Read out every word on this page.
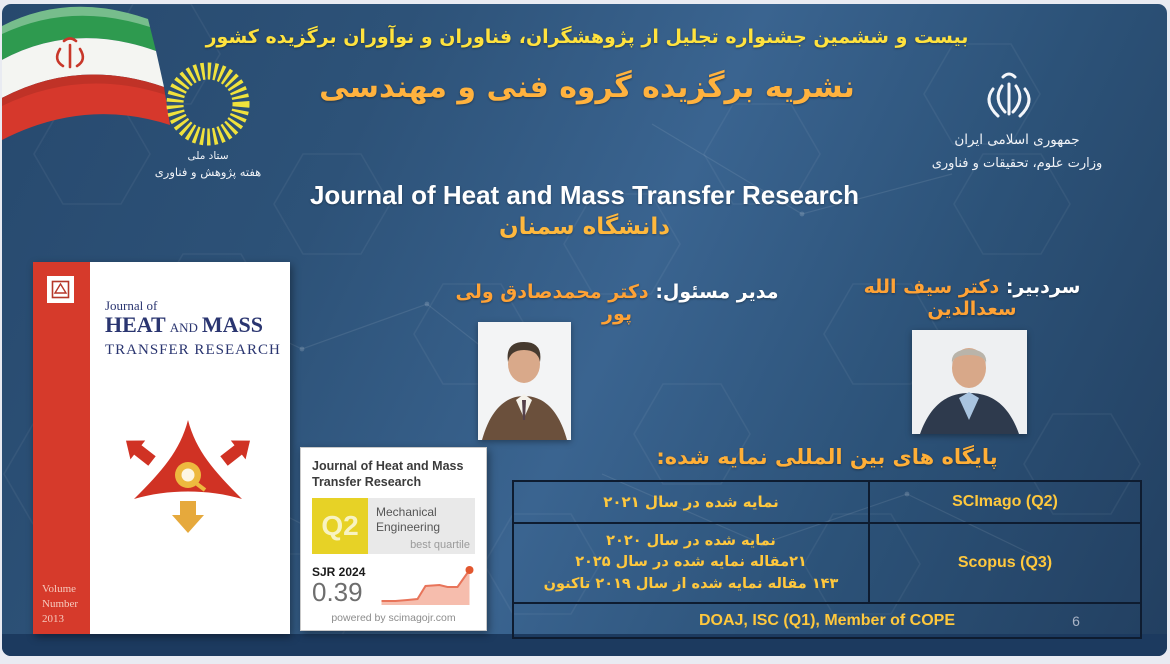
ستاد ملی
هفته پژوهش و فناوری
بیست و ششمین جشنواره تجلیل از پژوهشگران، فناوران و نوآوران برگزیده کشور
نشریه برگزیده گروه فنی و مهندسی
جمهوری اسلامی ایران
وزارت علوم، تحقیقات و فناوری
Journal of Heat and Mass Transfer Research
دانشگاه سمنان
سردبیر: دکتر سیف الله سعدالدین
مدیر مسئول: دکتر محمدصادق ولی پور
Volume
Number
2013
Journal of
HEAT AND MASS
TRANSFER RESEARCH
Journal of Heat and Mass
Transfer Research
Q2	Mechanical
Engineering
best quartile
SJR 2024
0.39
powered by scimagojr.com
پایگاه های بین المللی نمایه شده:
نمایه شده در سال ۲۰۲۱	SCImago (Q2)

نمایه شده در سال ۲۰۲۰
۲۱مقاله نمایه شده در سال ۲۰۲۵
۱۴۳ مقاله نمایه شده از سال ۲۰۱۹ تاکنون	Scopus (Q3)
DOAJ, ISC (Q1), Member of COPE		6
